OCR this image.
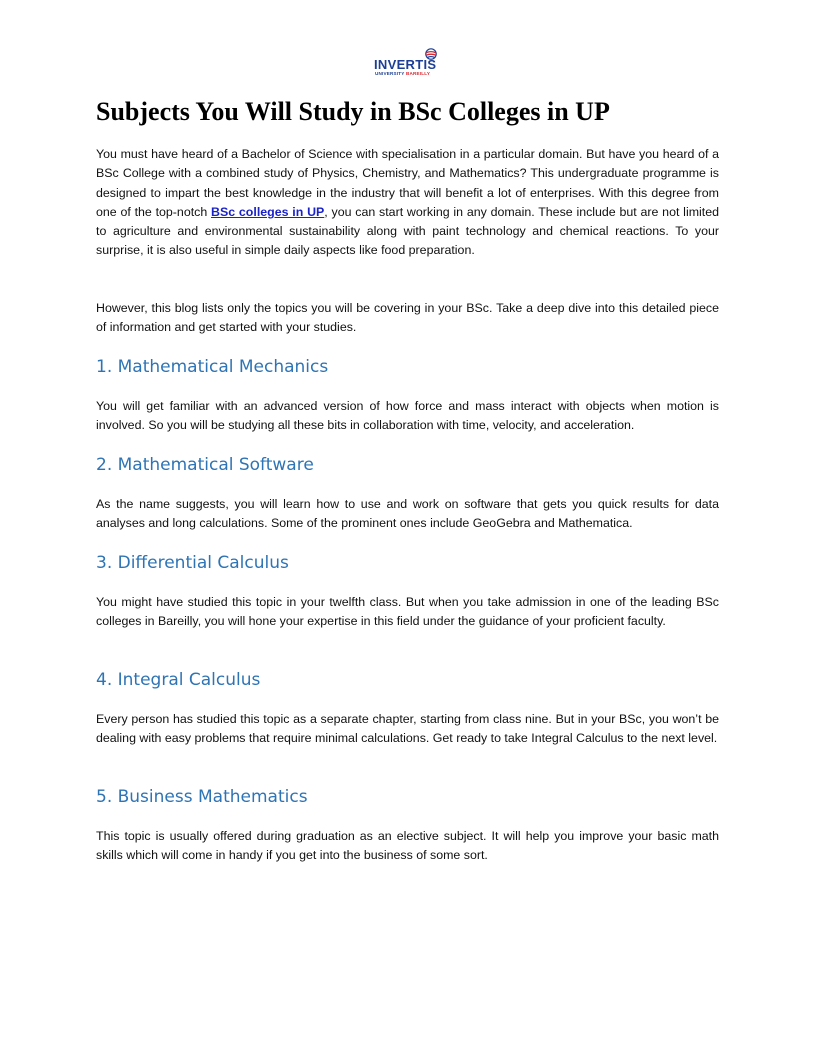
INVERTIS
UNIVERSITY BAREILLY
Subjects You Will Study in BSc Colleges in UP

You must have heard of a Bachelor of Science with specialisation in a particular domain. But have you heard of a BSc College with a combined study of Physics, Chemistry, and Mathematics? This undergraduate programme is designed to impart the best knowledge in the industry that will benefit a lot of enterprises. With this degree from one of the top-notch BSc colleges in UP, you can start working in any domain. These include but are not limited to agriculture and environmental sustainability along with paint technology and chemical reactions. To your surprise, it is also useful in simple daily aspects like food preparation.

However, this blog lists only the topics you will be covering in your BSc. Take a deep dive into this detailed piece of information and get started with your studies.

1. Mathematical Mechanics

You will get familiar with an advanced version of how force and mass interact with objects when motion is involved. So you will be studying all these bits in collaboration with time, velocity, and acceleration.

2. Mathematical Software

As the name suggests, you will learn how to use and work on software that gets you quick results for data analyses and long calculations. Some of the prominent ones include GeoGebra and Mathematica.

3. Differential Calculus

You might have studied this topic in your twelfth class. But when you take admission in one of the leading BSc colleges in Bareilly, you will hone your expertise in this field under the guidance of your proficient faculty.

4. Integral Calculus

Every person has studied this topic as a separate chapter, starting from class nine. But in your BSc, you won’t be dealing with easy problems that require minimal calculations. Get ready to take Integral Calculus to the next level.

5. Business Mathematics

This topic is usually offered during graduation as an elective subject. It will help you improve your basic math skills which will come in handy if you get into the business of some sort.
